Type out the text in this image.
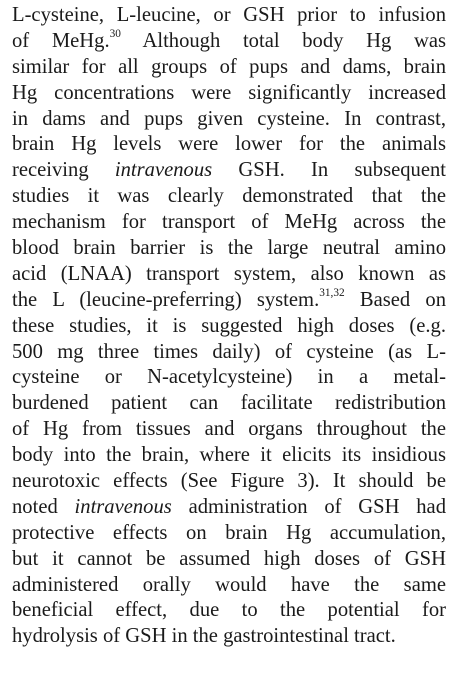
L-cysteine, L-leucine, or GSH prior to infusion
of MeHg.$^{30}$ Although total body Hg was
similar for all groups of pups and dams, brain
Hg concentrations were significantly increased
in dams and pups given cysteine. In contrast,
brain Hg levels were lower for the animals
receiving intravenous GSH. In subsequent
studies it was clearly demonstrated that the
mechanism for transport of MeHg across the
blood brain barrier is the large neutral amino
acid (LNAA) transport system, also known as
the L (leucine-preferring) system.$^{31,32}$ Based on
these studies, it is suggested high doses (e.g.
500 mg three times daily) of cysteine (as L-
cysteine or N-acetylcysteine) in a metal-
burdened patient can facilitate redistribution
of Hg from tissues and organs throughout the
body into the brain, where it elicits its insidious
neurotoxic effects (See Figure 3). It should be
noted intravenous administration of GSH had
protective effects on brain Hg accumulation,
but it cannot be assumed high doses of GSH
administered orally would have the same
beneficial effect, due to the potential for
hydrolysis of GSH in the gastrointestinal tract.
